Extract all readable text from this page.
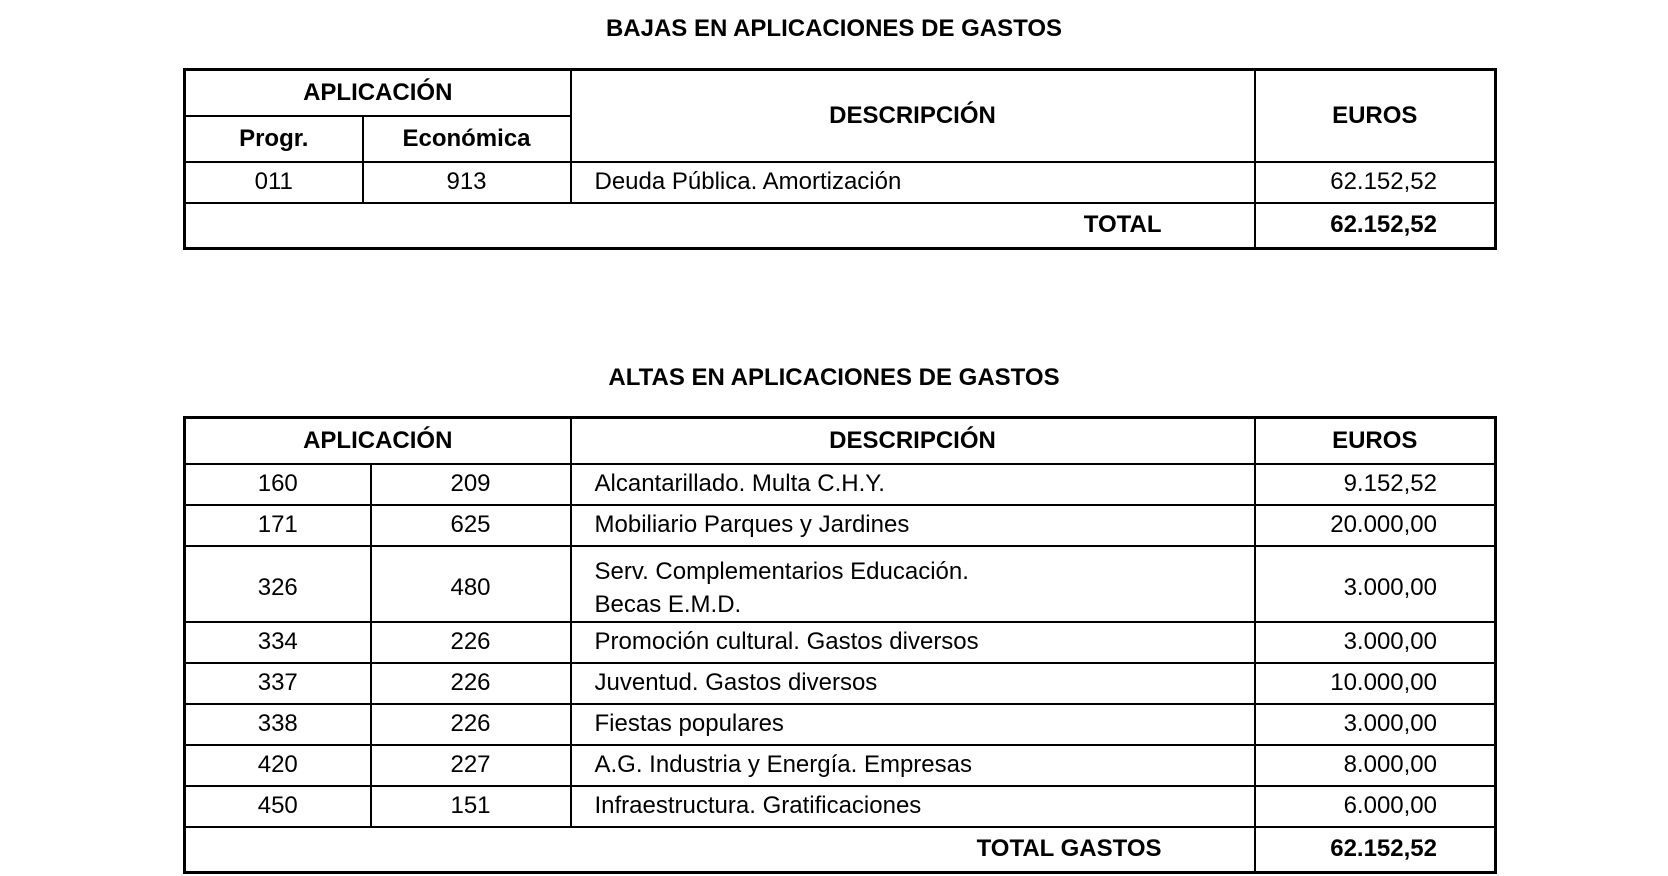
BAJAS EN APLICACIONES DE GASTOS
APLICACIÓN		DESCRIPCIÓN	EUROS
Progr.	Económica		
011	913	Deuda Pública. Amortización	62.152,52
TOTAL			62.152,52
ALTAS EN APLICACIONES DE GASTOS
APLICACIÓN		DESCRIPCIÓN	EUROS
160	209	Alcantarillado. Multa C.H.Y.	9.152,52
171	625	Mobiliario Parques y Jardines	20.000,00
326	480	Serv. Complementarios Educación.
Becas E.M.D.	3.000,00
334	226	Promoción cultural. Gastos diversos	3.000,00
337	226	Juventud. Gastos diversos	10.000,00
338	226	Fiestas populares	3.000,00
420	227	A.G. Industria y Energía. Empresas	8.000,00
450	151	Infraestructura. Gratificaciones	6.000,00
TOTAL GASTOS			62.152,52
